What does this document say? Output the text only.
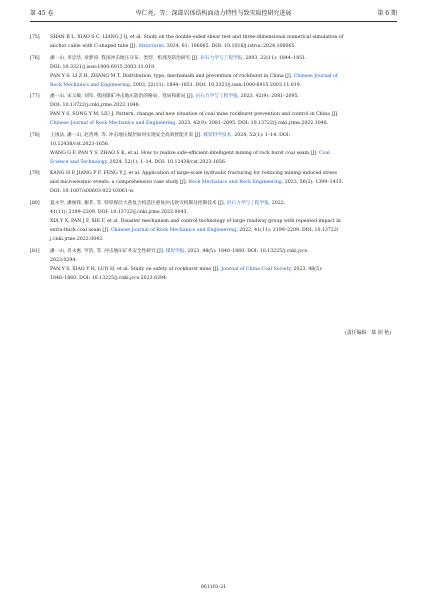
第 45 卷	卑仁亮，等：深部岩体结构面动力特性与致灾取控研究进展	第 6 期
[75] SHAN R L, XIAO S C, LIANG J Q, et al. Study on the double-sided shear test and three-dimensional numerical simulation of
anchor cable with C-shaped tube [J]. Structures, 2024, 61: 106065. DOI: 10.1016/j.istruc.2024.106065.
[76] 潘一山, 李忠华, 章梦涛. 我国冲击地压分布、类型、机理及防治研究 [J]. 岩石力学与工程学报, 2003, 22(11): 1844–1851.
DOI: 10.3321/j.issn:1000-6915.2003.11.019.
PAN Y S, LI Z H, ZHANG M T. Distribution, type, mechanism and prevention of rockburst in China [J]. Chinese Journal of
Rock Mechanics and Engineering, 2003, 22(11): 1844–1851. DOI: 10.3321/j.issn:1000-6915.2003.11.019.
[77] 潘一山, 宋义敏, 刘军. 我国煤矿冲击地压防治的格局、变局和新局 [J]. 岩石力学与工程学报, 2023, 42(9): 2081–2095.
DOI: 10.13722/j.cnki.jrme.2022.1048.
PAN Y S, SONG Y M, LIU J. Pattern, change and new situation of coal mine rockburst prevention and control in China [J].
Chinese Journal of Rock Mechanics and Engineering, 2023, 42(9): 2081–2095. DOI: 10.13722/j.cnki.jrme.2022.1048.
[78] 王国法, 潘一山, 赵善坤, 等. 冲击地压煤层如何实现安全高效智能开采 [J]. 煤炭科学技术, 2024, 52(1): 1–14. DOI:
10.12438/cst.2023-1656.
WANG G F, PAN Y S, ZHAO S K, et al. How to realize safe-efficient-intelligent mining of rock burst coal seam [J]. Coal
Science and Technology, 2024, 52(1): 1–14. DOI: 10.12438/cst.2023-1656.
[79] KANG H P, JIANG P F, FENG Y J, et al. Application of large-scale hydraulic fracturing for reducing mining-induced stress
and microseismic events: a comprehensive case study [J]. Rock Mechanics and Rock Engineering, 2023, 56(2): 1399–1413.
DOI: 10.1007/s00603-022-03061-w.
[80] 夏永学, 潘俊锋, 谢非, 等. 特厚煤层大巷复合构造区重复冲击致灾机制及控制技术 [J]. 岩石力学与工程学报, 2022,
41(11): 2199–2209. DOI: 10.13722/j.cnki.jrme.2022.0043.
XIA Y X, PAN J F, XIE F, et al. Disaster mechanism and control technology of large roadway group with repeated impact in
extra-thick coal seam [J]. Chinese Journal of Rock Mechanics and Engineering, 2022, 41(11): 2199–2209. DOI: 10.13722/
j.cnki.jrme.2022.0043.
[81] 潘一山, 肖永惠, 罗浩, 等. 冲击地压矿井安全性研究 [J]. 煤炭学报, 2023, 48(5): 1846–1860. DOI: 10.13225/j.cnki.jccs.
2023.0294.
PAN Y S, XIAO Y H, LUO H, et al. Study on safety of rockburst mine [J]. Journal of China Coal Society, 2023, 48(5):
1846–1860. DOI: 10.13225/j.cnki.jccs.2023.0294.
(责任编辑　慕 润 艳)
061101-21
